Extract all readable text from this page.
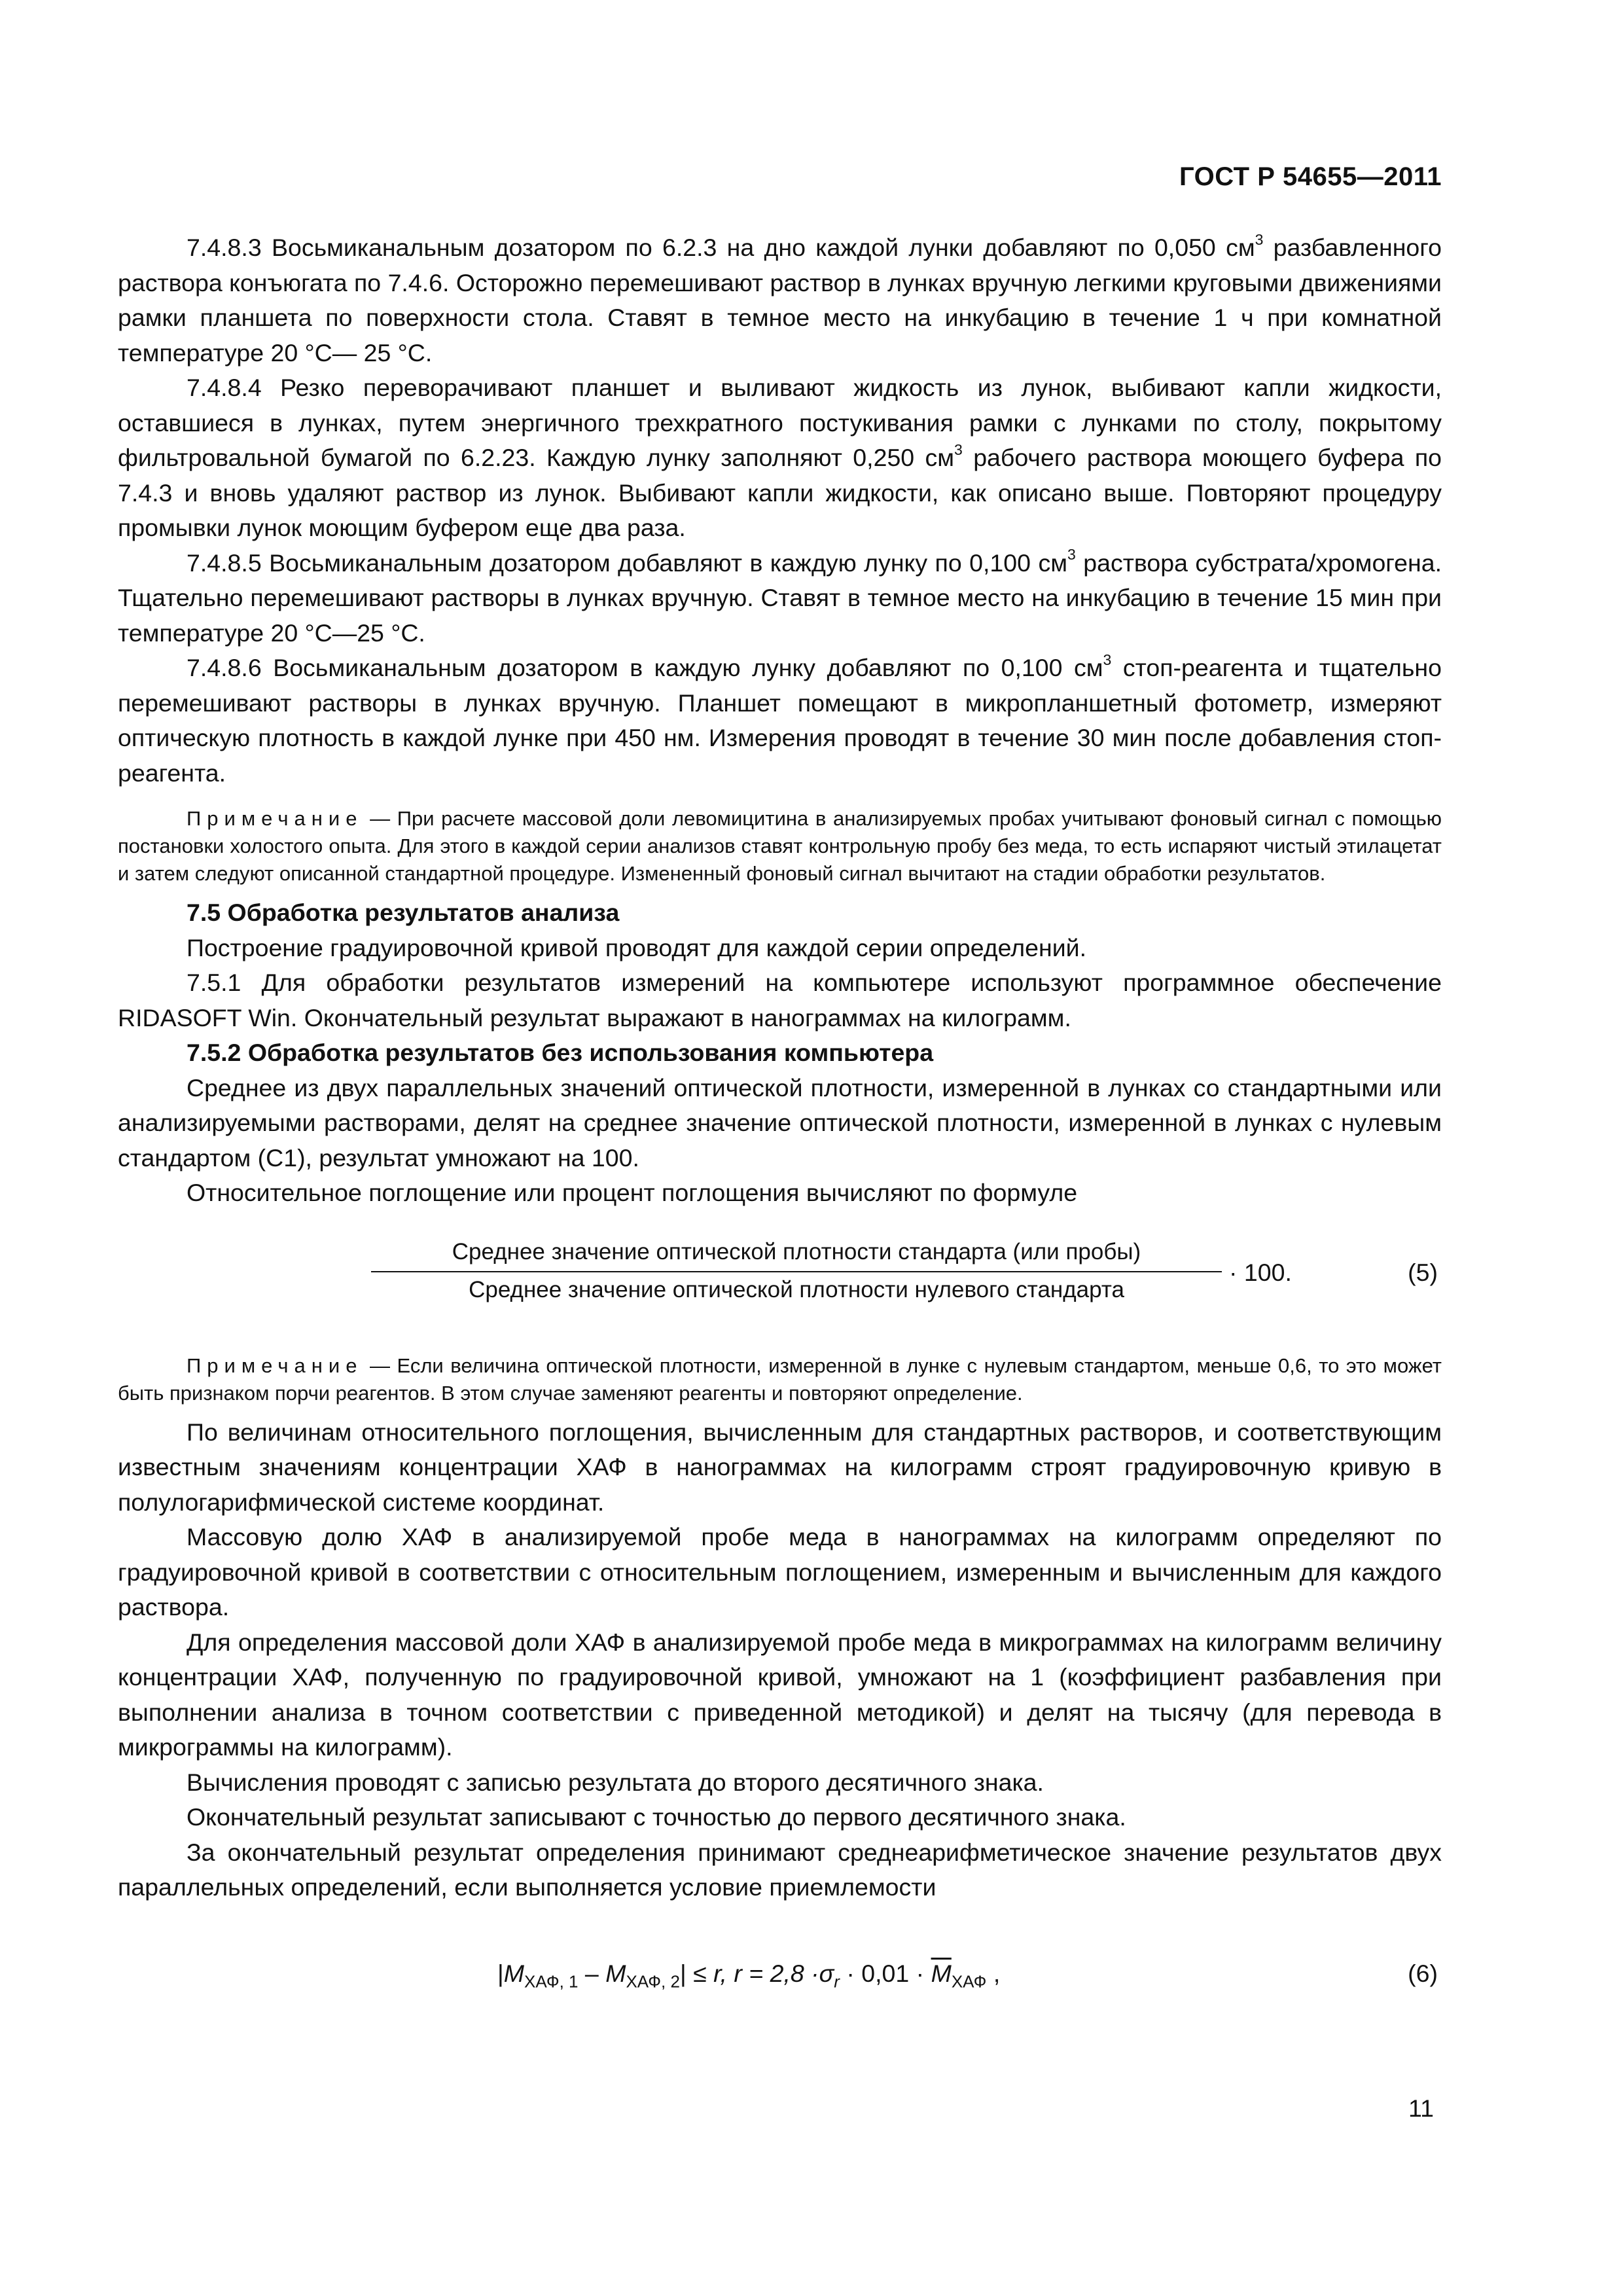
ГОСТ Р 54655—2011

7.4.8.3 Восьмиканальным дозатором по 6.2.3 на дно каждой лунки добавляют по 0,050 $см^3$ разбавленного раствора конъюгата по 7.4.6. Осторожно перемешивают раствор в лунках вручную легкими круговыми движениями рамки планшета по поверхности стола. Ставят в темное место на инкубацию в течение 1 ч при комнатной температуре 20 °С— 25 °С.

7.4.8.4 Резко переворачивают планшет и выливают жидкость из лунок, выбивают капли жидкости, оставшиеся в лунках, путем энергичного трехкратного постукивания рамки с лунками по столу, покрытому фильтровальной бумагой по 6.2.23. Каждую лунку заполняют 0,250 $см^3$ рабочего раствора моющего буфера по 7.4.3 и вновь удаляют раствор из лунок. Выбивают капли жидкости, как описано выше. Повторяют процедуру промывки лунок моющим буфером еще два раза.

7.4.8.5 Восьмиканальным дозатором добавляют в каждую лунку по 0,100 $см^3$ раствора субстрата/хромогена. Тщательно перемешивают растворы в лунках вручную. Ставят в темное место на инкубацию в течение 15 мин при температуре 20 °С—25 °С.

7.4.8.6 Восьмиканальным дозатором в каждую лунку добавляют по 0,100 $см^3$ стоп-реагента и тщательно перемешивают растворы в лунках вручную. Планшет помещают в микропланшетный фотометр, измеряют оптическую плотность в каждой лунке при 450 нм. Измерения проводят в течение 30 мин после добавления стоп-реагента.

Примечание — При расчете массовой доли левомицитина в анализируемых пробах учитывают фоновый сигнал с помощью постановки холостого опыта. Для этого в каждой серии анализов ставят контрольную пробу без меда, то есть испаряют чистый этилацетат и затем следуют описанной стандартной процедуре. Измененный фоновый сигнал вычитают на стадии обработки результатов.

7.5 Обработка результатов анализа

Построение градуировочной кривой проводят для каждой серии определений.

7.5.1 Для обработки результатов измерений на компьютере используют программное обеспечение RIDASOFT Win. Окончательный результат выражают в нанограммах на килограмм.

7.5.2 Обработка результатов без использования компьютера

Среднее из двух параллельных значений оптической плотности, измеренной в лунках со стандартными или анализируемыми растворами, делят на среднее значение оптической плотности, измеренной в лунках с нулевым стандартом (С1), результат умножают на 100.

Относительное поглощение или процент поглощения вычисляют по формуле

Среднее значение оптической плотности стандарта (или пробы)
Среднее значение оптической плотности нулевого стандарта
· 100.	(5)
Примечание — Если величина оптической плотности, измеренной в лунке с нулевым стандартом, меньше 0,6, то это может быть признаком порчи реагентов. В этом случае заменяют реагенты и повторяют определение.

По величинам относительного поглощения, вычисленным для стандартных растворов, и соответствующим известным значениям концентрации ХАФ в нанограммах на килограмм строят градуировочную кривую в полулогарифмической системе координат.

Массовую долю ХАФ в анализируемой пробе меда в нанограммах на килограмм определяют по градуировочной кривой в соответствии с относительным поглощением, измеренным и вычисленным для каждого раствора.

Для определения массовой доли ХАФ в анализируемой пробе меда в микрограммах на килограмм величину концентрации ХАФ, полученную по градуировочной кривой, умножают на 1 (коэффициент разбавления при выполнении анализа в точном соответствии с приведенной методикой) и делят на тысячу (для перевода в микрограммы на килограмм).

Вычисления проводят с записью результата до второго десятичного знака.

Окончательный результат записывают с точностью до первого десятичного знака.

За окончательный результат определения принимают среднеарифметическое значение результатов двух параллельных определений, если выполняется условие приемлемости

$|M_{ХАФ, 1} - M_{ХАФ, 2}| \le r$, $r = 2,8 \cdot\sigma_r \cdot 0,01 \cdot \overline{M}_{ХАФ}$ ,	(6)
11
